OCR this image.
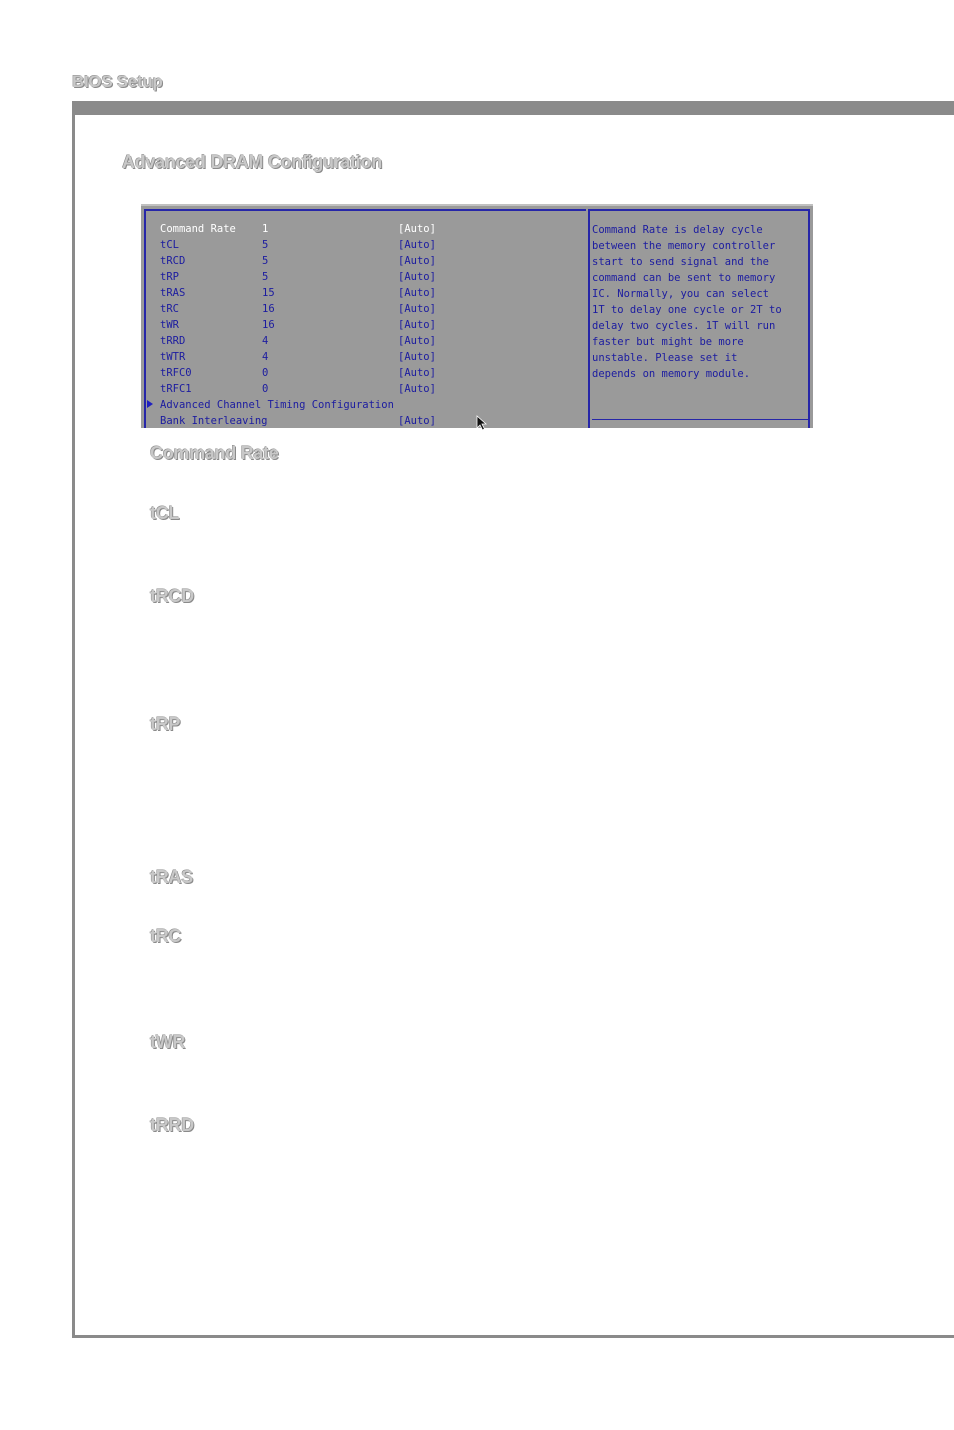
BIOS Setup
Advanced DRAM Configuration
Command Rate 1	[Auto]
tCL	5	[Auto]
tRCD	5	[Auto]
tRP	5	[Auto]
tRAS	15	[Auto]
tRC	16	[Auto]
tWR	16	[Auto]
tRRD	4	[Auto]
tWTR	4	[Auto]
tRFC0	0	[Auto]
tRFC1	0	[Auto]
Advanced Channel Timing Configuration
Bank Interleaving	[Auto]
Command Rate is delay cycle
between the memory controller
start to send signal and the
command can be sent to memory
IC. Normally, you can select
1T to delay one cycle or 2T to
delay two cycles. 1T will run
faster but might be more
unstable. Please set it
depends on memory module.
Command Rate
tCL
tRCD
tRP
tRAS
tRC
tWR
tRRD
